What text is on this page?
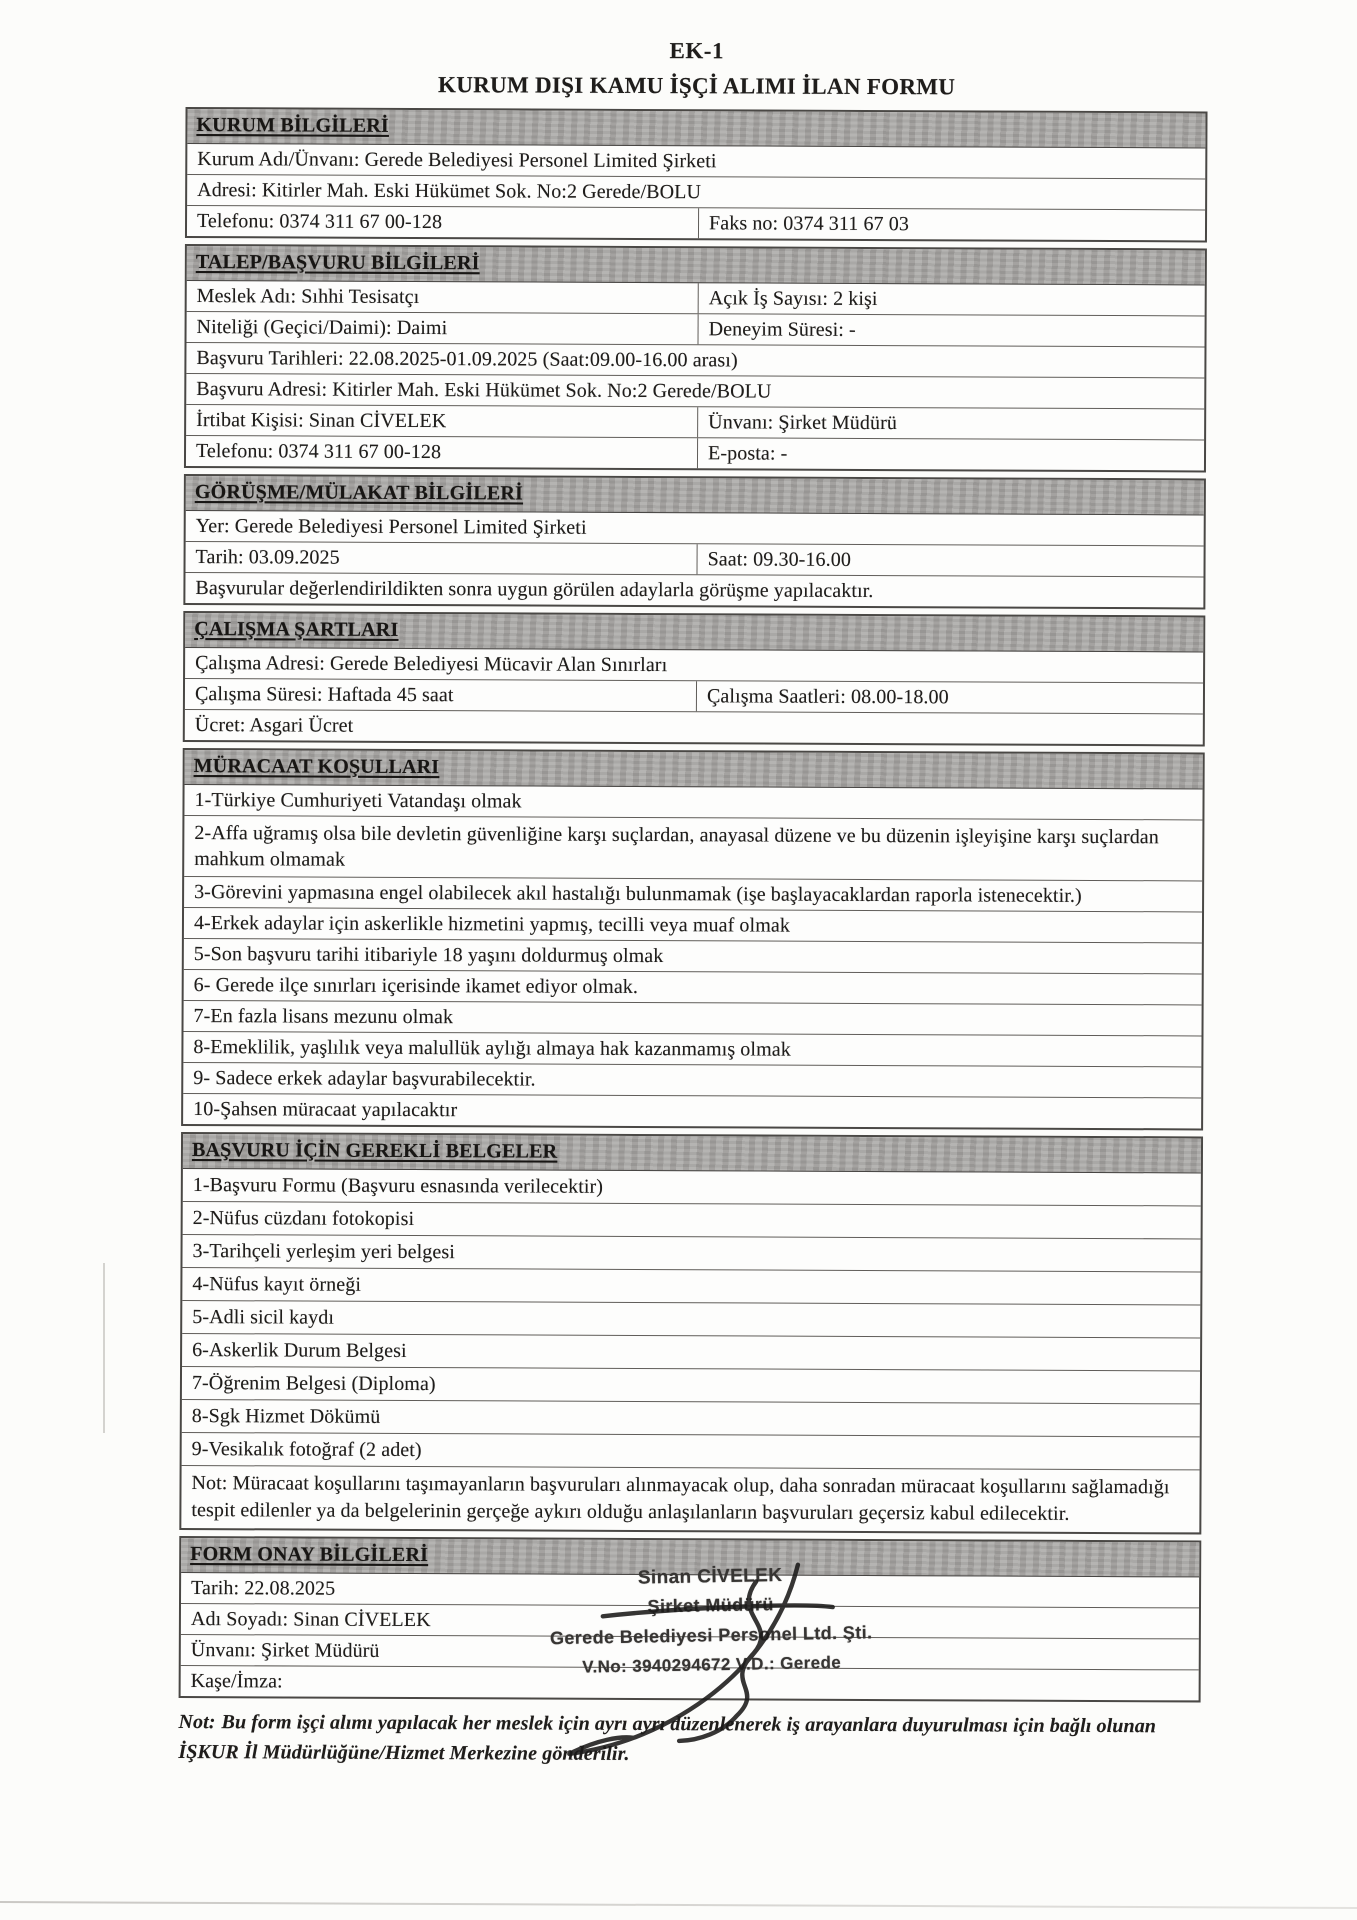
EK-1
KURUM DIŞI KAMU İŞÇİ ALIMI İLAN FORMU
KURUM BİLGİLERİ
Kurum Adı/Ünvanı: Gerede Belediyesi Personel Limited Şirketi
Adresi: Kitirler Mah. Eski Hükümet Sok. No:2 Gerede/BOLU
Telefonu: 0374 311 67 00-128	Faks no: 0374 311 67 03
TALEP/BAŞVURU BİLGİLERİ
Meslek Adı: Sıhhi Tesisatçı	Açık İş Sayısı: 2 kişi
Niteliği (Geçici/Daimi): Daimi	Deneyim Süresi: -
Başvuru Tarihleri: 22.08.2025-01.09.2025 (Saat:09.00-16.00 arası)
Başvuru Adresi: Kitirler Mah. Eski Hükümet Sok. No:2 Gerede/BOLU
İrtibat Kişisi: Sinan CİVELEK	Ünvanı: Şirket Müdürü
Telefonu: 0374 311 67 00-128	E-posta: -
GÖRÜŞME/MÜLAKAT BİLGİLERİ
Yer: Gerede Belediyesi Personel Limited Şirketi
Tarih: 03.09.2025	Saat: 09.30-16.00
Başvurular değerlendirildikten sonra uygun görülen adaylarla görüşme yapılacaktır.
ÇALIŞMA ŞARTLARI
Çalışma Adresi: Gerede Belediyesi Mücavir Alan Sınırları
Çalışma Süresi: Haftada 45 saat	Çalışma Saatleri: 08.00-18.00
Ücret: Asgari Ücret
MÜRACAAT KOŞULLARI
1-Türkiye Cumhuriyeti Vatandaşı olmak
2-Affa uğramış olsa bile devletin güvenliğine karşı suçlardan, anayasal düzene ve bu düzenin işleyişine karşı suçlardan mahkum olmamak
3-Görevini yapmasına engel olabilecek akıl hastalığı bulunmamak (işe başlayacaklardan raporla istenecektir.)
4-Erkek adaylar için askerlikle hizmetini yapmış, tecilli veya muaf olmak
5-Son başvuru tarihi itibariyle 18 yaşını doldurmuş olmak
6- Gerede ilçe sınırları içerisinde ikamet ediyor olmak.
7-En fazla lisans mezunu olmak
8-Emeklilik, yaşlılık veya malullük aylığı almaya hak kazanmamış olmak
9- Sadece erkek adaylar başvurabilecektir.
10-Şahsen müracaat yapılacaktır
BAŞVURU İÇİN GEREKLİ BELGELER
1-Başvuru Formu (Başvuru esnasında verilecektir)
2-Nüfus cüzdanı fotokopisi
3-Tarihçeli yerleşim yeri belgesi
4-Nüfus kayıt örneği
5-Adli sicil kaydı
6-Askerlik Durum Belgesi
7-Öğrenim Belgesi (Diploma)
8-Sgk Hizmet Dökümü
9-Vesikalık fotoğraf (2 adet)
Not: Müracaat koşullarını taşımayanların başvuruları alınmayacak olup, daha sonradan müracaat koşullarını sağlamadığı tespit edilenler ya da belgelerinin gerçeğe aykırı olduğu anlaşılanların başvuruları geçersiz kabul edilecektir.
FORM ONAY BİLGİLERİ
Tarih: 22.08.2025
Adı Soyadı: Sinan CİVELEK
Ünvanı: Şirket Müdürü
Kaşe/İmza:
Sinan CİVELEK
Şirket Müdürü
Gerede Belediyesi Personel Ltd. Şti.
V.No: 3940294672 V.D.: Gerede
Not: Bu form işçi alımı yapılacak her meslek için ayrı ayrı düzenlenerek iş arayanlara duyurulması için bağlı olunan İŞKUR İl Müdürlüğüne/Hizmet Merkezine gönderilir.
